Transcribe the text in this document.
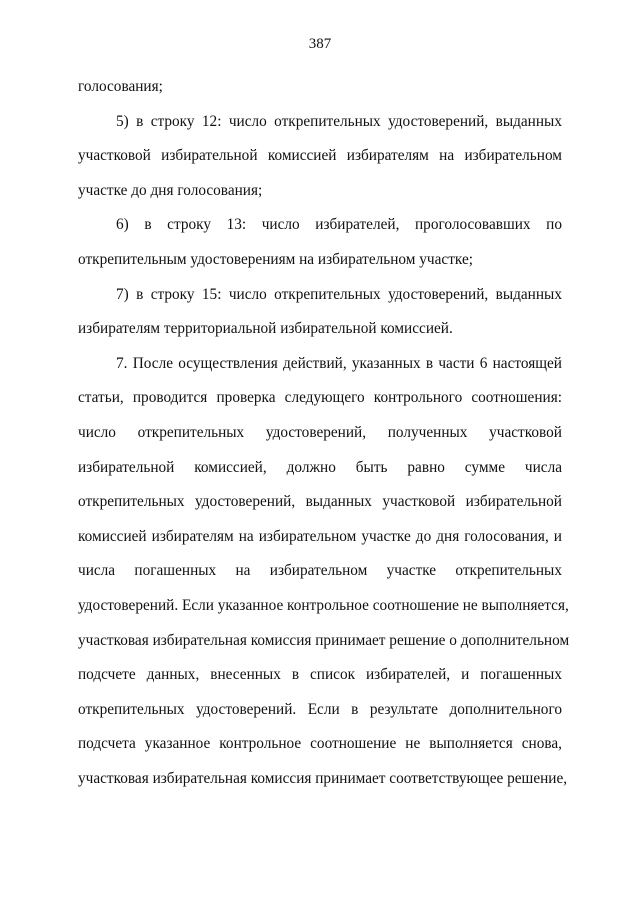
387
голосования;
5) в строку 12: число открепительных удостоверений, выданных
участковой избирательной комиссией избирателям на избирательном
участке до дня голосования;
6) в строку 13: число избирателей, проголосовавших по
открепительным удостоверениям на избирательном участке;
7) в строку 15: число открепительных удостоверений, выданных
избирателям территориальной избирательной комиссией.
7. После осуществления действий, указанных в части 6 настоящей
статьи, проводится проверка следующего контрольного соотношения:
число открепительных удостоверений, полученных участковой
избирательной комиссией, должно быть равно сумме числа
открепительных удостоверений, выданных участковой избирательной
комиссией избирателям на избирательном участке до дня голосования, и
числа погашенных на избирательном участке открепительных
удостоверений. Если указанное контрольное соотношение не выполняется,
участковая избирательная комиссия принимает решение о дополнительном
подсчете данных, внесенных в список избирателей, и погашенных
открепительных удостоверений. Если в результате дополнительного
подсчета указанное контрольное соотношение не выполняется снова,
участковая избирательная комиссия принимает соответствующее решение,
